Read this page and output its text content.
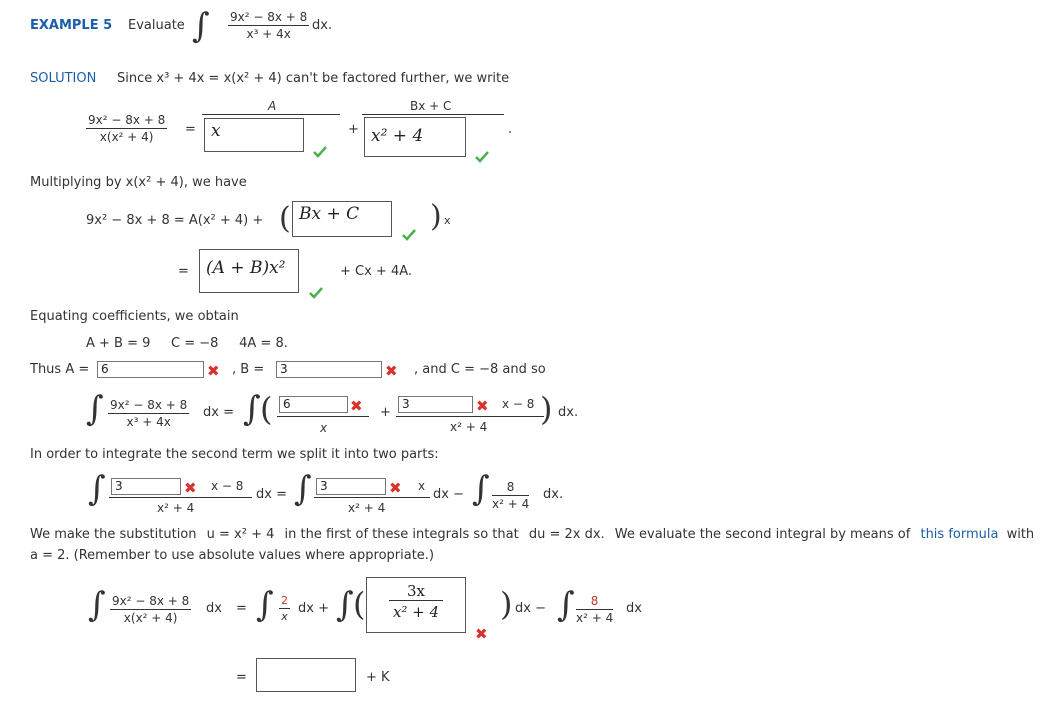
EXAMPLE 5 Evaluate ∫ $\frac{\text{9x² − 8x + 8}}{\text{x³ + 4x}}$ dx.
SOLUTION Since x³ + 4x = x(x² + 4) can't be factored further, we write
$\frac{\text{9x² − 8x + 8}}{\text{x(x² + 4)}}$ =
A
x	+
Bx + C
x² + 4	.
Multiplying by x(x² + 4), we have
9x² − 8x + 8 = A(x² + 4) + ( Bx + C	) x
=	(A + B)x²	+ Cx + 4A.
Equating coefficients, we obtain
A + B = 9     C = −8     4A = 8.
Thus A = 6	✖ , B =	3	✖ , and C = −8 and so
∫ $\frac{\text{9x² − 8x + 8}}{\text{x³ + 4x}}$ dx = ∫ ( 6	✖
x
+
3	✖ x − 8
x² + 4 ) dx.
In order to integrate the second term we split it into two parts:
∫ 3	✖ x − 8
x² + 4
dx = ∫ 3	✖ x
x² + 4
dx − ∫ $\frac{8}{\text{x² + 4}}$ dx.
We make the substitution u = x² + 4 in the first of these integrals so that du = 2x dx. We evaluate the second integral by means of this formula with
a = 2. (Remember to use absolute values where appropriate.)
∫ $\frac{\text{9x² − 8x + 8}}{\text{x(x² + 4)}}$ dx = ∫ $\frac{2}{x}$ dx + ∫ ( $\frac{3x}{\text{x² + 4}}$
✖
) dx − ∫ $\frac{8}{\text{x² + 4}}$ dx
=	+ K
